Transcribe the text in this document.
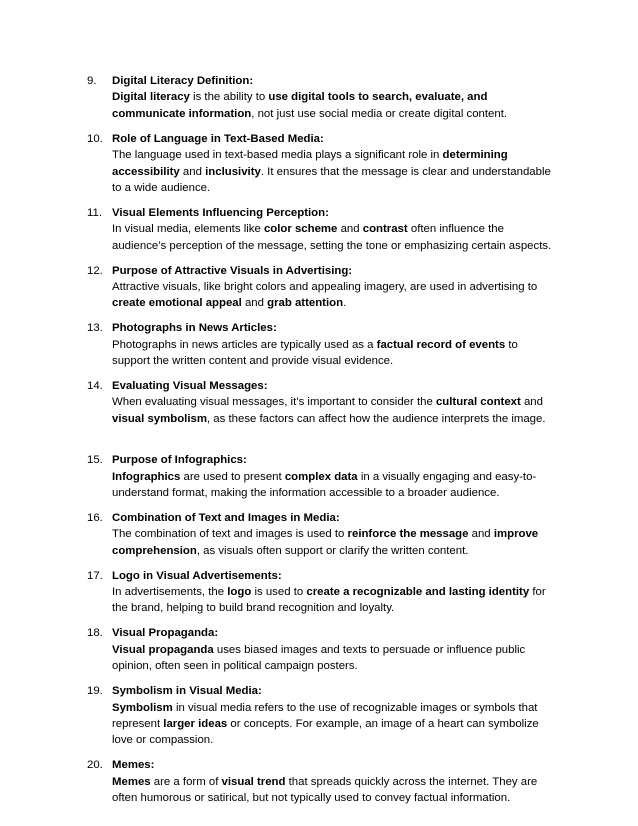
9.	Digital Literacy Definition:
Digital literacy is the ability to use digital tools to search, evaluate, and communicate information, not just use social media or create digital content.
10. Role of Language in Text-Based Media:
The language used in text-based media plays a significant role in determining accessibility and inclusivity. It ensures that the message is clear and understandable to a wide audience.
11. Visual Elements Influencing Perception:
In visual media, elements like color scheme and contrast often influence the audience’s perception of the message, setting the tone or emphasizing certain aspects.
12. Purpose of Attractive Visuals in Advertising:
Attractive visuals, like bright colors and appealing imagery, are used in advertising to create emotional appeal and grab attention.
13. Photographs in News Articles:
Photographs in news articles are typically used as a factual record of events to support the written content and provide visual evidence.
14. Evaluating Visual Messages:
When evaluating visual messages, it’s important to consider the cultural context and visual symbolism, as these factors can affect how the audience interprets the image.
15. Purpose of Infographics:
Infographics are used to present complex data in a visually engaging and easy-to-understand format, making the information accessible to a broader audience.
16. Combination of Text and Images in Media:
The combination of text and images is used to reinforce the message and improve comprehension, as visuals often support or clarify the written content.
17. Logo in Visual Advertisements:
In advertisements, the logo is used to create a recognizable and lasting identity for the brand, helping to build brand recognition and loyalty.
18. Visual Propaganda:
Visual propaganda uses biased images and texts to persuade or influence public opinion, often seen in political campaign posters.
19. Symbolism in Visual Media:
Symbolism in visual media refers to the use of recognizable images or symbols that represent larger ideas or concepts. For example, an image of a heart can symbolize love or compassion.
20. Memes:
Memes are a form of visual trend that spreads quickly across the internet. They are often humorous or satirical, but not typically used to convey factual information.
